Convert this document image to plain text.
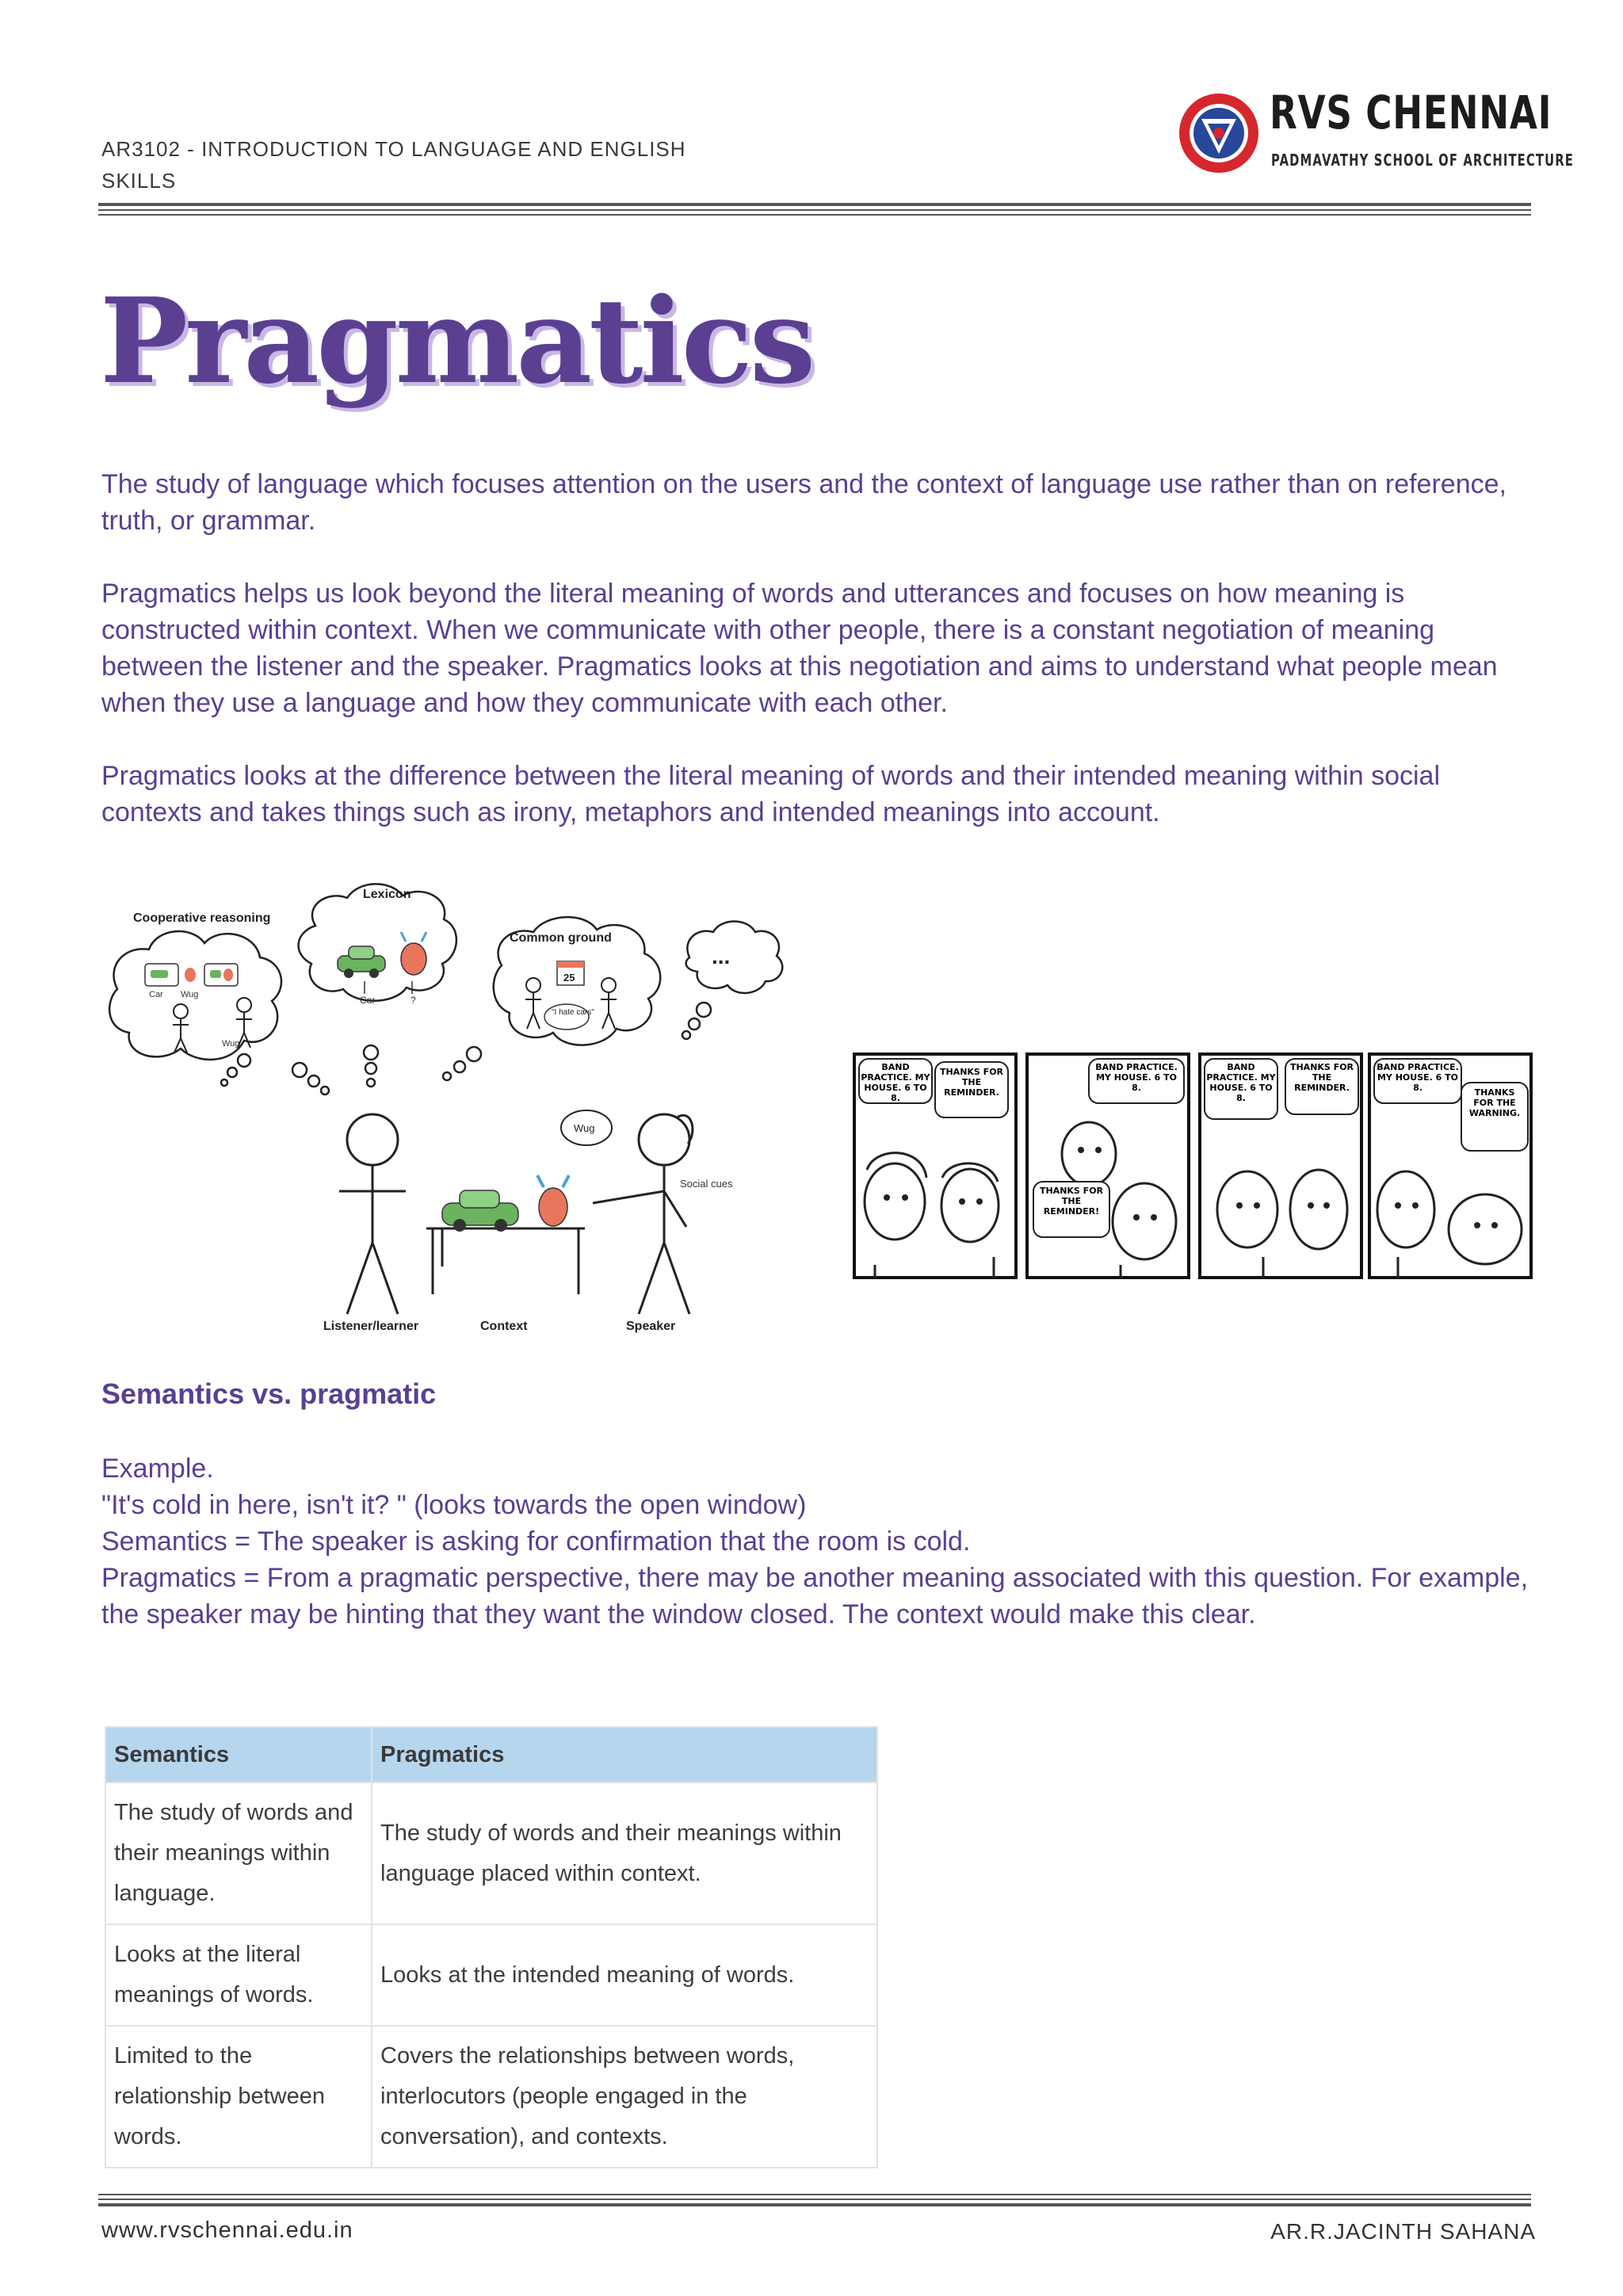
AR3102 - INTRODUCTION TO LANGUAGE AND ENGLISH SKILLS
RVS CHENNAI
PADMAVATHY SCHOOL OF ARCHITECTURE
Pragmatics
The study of language which focuses attention on the users and the context of language use rather than on reference, truth, or grammar.
Pragmatics helps us look beyond the literal meaning of words and utterances and focuses on how meaning is constructed within context. When we communicate with other people, there is a constant negotiation of meaning between the listener and the speaker. Pragmatics looks at this negotiation and aims to understand what people mean when they use a language and how they communicate with each other.
Pragmatics looks at the difference between the literal meaning of words and their intended meaning within social contexts and takes things such as irony, metaphors and intended meanings into account.
Cooperative reasoning
Lexicon
Common ground
Listener/learner	Context	Speaker
Social cues
Car	?
Car Wug
Wug
25
"I hate cars"
...
Wug
BAND PRACTICE. MY HOUSE. 6 TO 8.
THANKS FOR THE REMINDER.
BAND PRACTICE. MY HOUSE. 6 TO 8.
THANKS FOR THE REMINDER!
BAND PRACTICE. MY HOUSE. 6 TO 8.
THANKS FOR THE REMINDER.
BAND PRACTICE. MY HOUSE. 6 TO 8.	THANKS FOR THE WARNING.
Semantics vs. pragmatic
Example.
"It's cold in here, isn't it? " (looks towards the open window)
Semantics = The speaker is asking for confirmation that the room is cold.
Pragmatics = From a pragmatic perspective, there may be another meaning associated with this question. For example, the speaker may be hinting that they want the window closed. The context would make this clear.
Semantics	Pragmatics
The study of words and their meanings within language.	The study of words and their meanings within language placed within context.
Looks at the literal meanings of words.	Looks at the intended meaning of words.
Limited to the relationship between words.	Covers the relationships between words, interlocutors (people engaged in the conversation), and contexts.
www.rvschennai.edu.in	AR.R.JACINTH SAHANA
